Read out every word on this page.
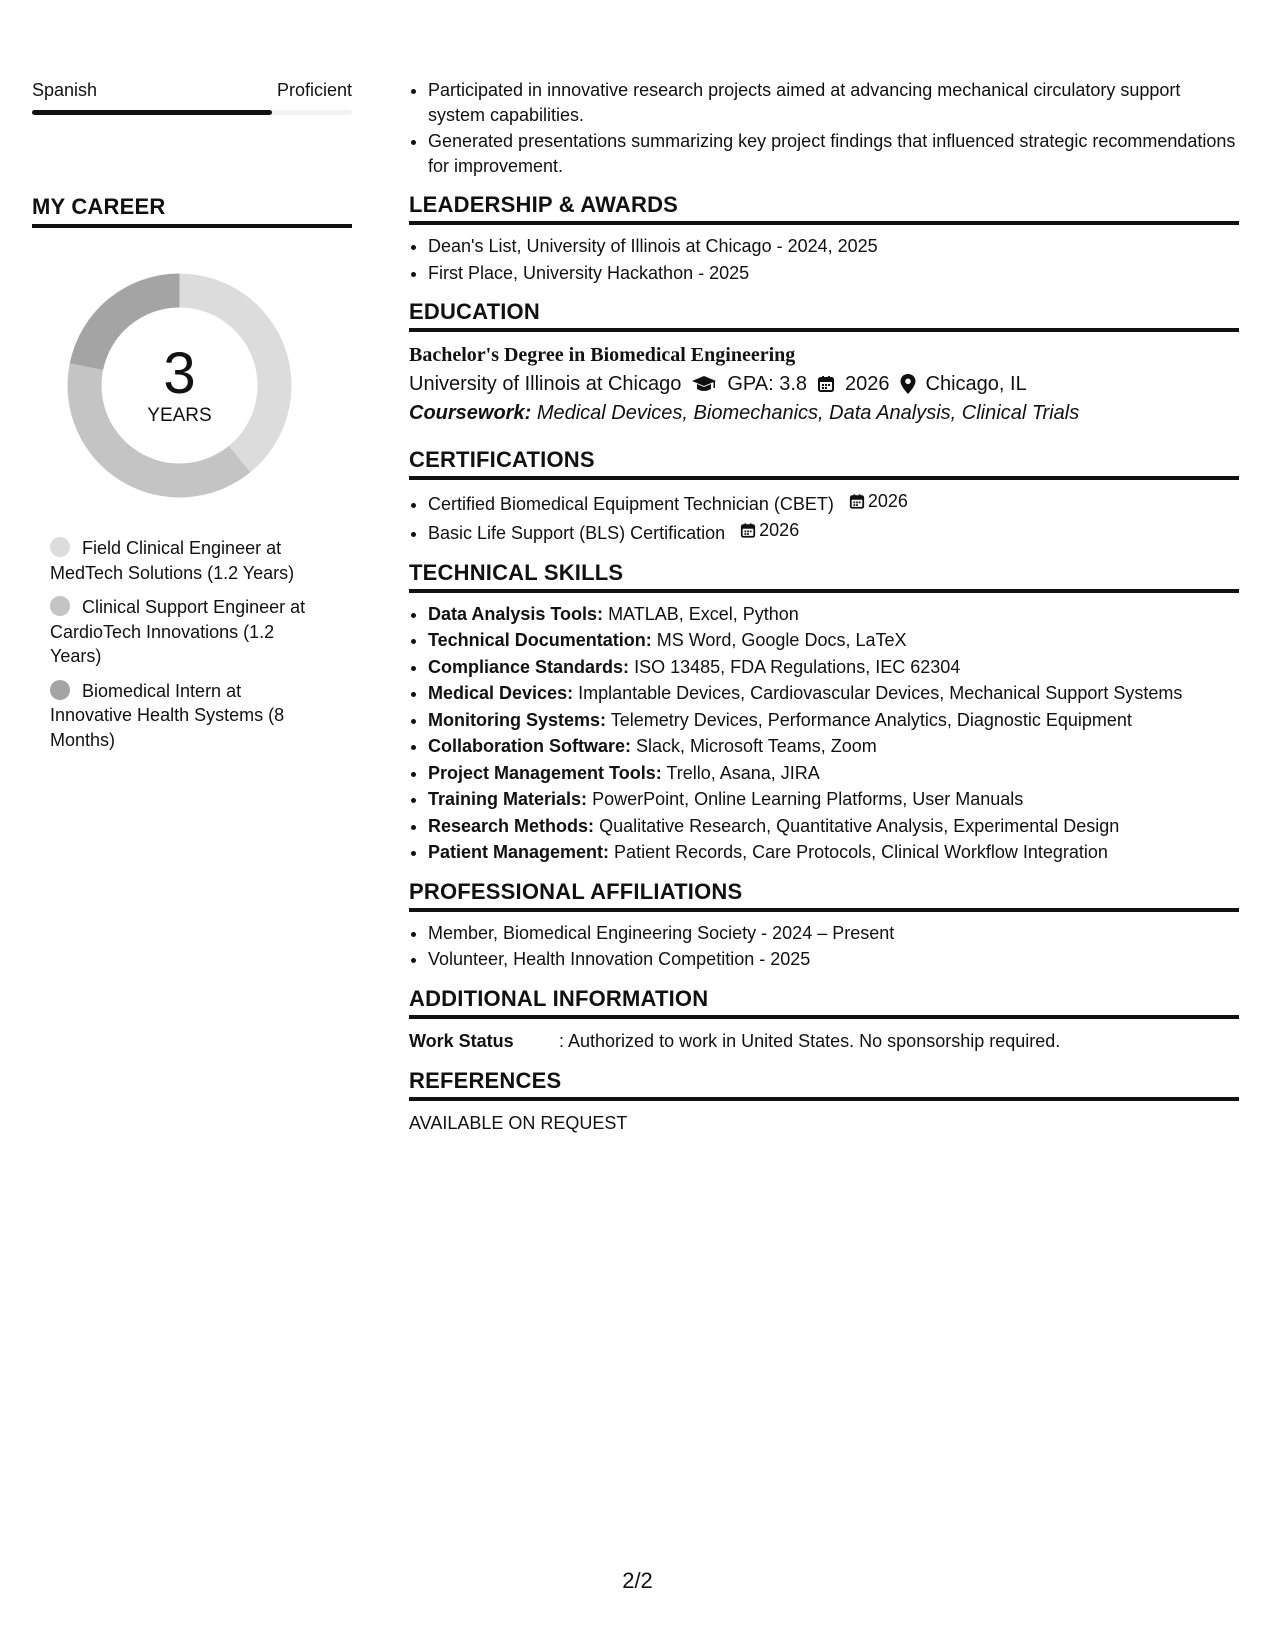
Spanish	Proficient
MY CAREER
3
YEARS
Field Clinical Engineer at MedTech Solutions (1.2 Years)
Clinical Support Engineer at CardioTech Innovations (1.2 Years)
Biomedical Intern at Innovative Health Systems (8 Months)
• Participated in innovative research projects aimed at advancing mechanical circulatory support system capabilities.
• Generated presentations summarizing key project findings that influenced strategic recommendations for improvement.
LEADERSHIP & AWARDS
• Dean's List, University of Illinois at Chicago - 2024, 2025
• First Place, University Hackathon - 2025
EDUCATION
Bachelor's Degree in Biomedical Engineering
University of Illinois at Chicago GPA: 3.8 2026 Chicago, IL
Coursework: Medical Devices, Biomechanics, Data Analysis, Clinical Trials
CERTIFICATIONS
• Certified Biomedical Equipment Technician (CBET) 2026
• Basic Life Support (BLS) Certification 2026
TECHNICAL SKILLS
• Data Analysis Tools: MATLAB, Excel, Python
• Technical Documentation: MS Word, Google Docs, LaTeX
• Compliance Standards: ISO 13485, FDA Regulations, IEC 62304
• Medical Devices: Implantable Devices, Cardiovascular Devices, Mechanical Support Systems
• Monitoring Systems: Telemetry Devices, Performance Analytics, Diagnostic Equipment
• Collaboration Software: Slack, Microsoft Teams, Zoom
• Project Management Tools: Trello, Asana, JIRA
• Training Materials: PowerPoint, Online Learning Platforms, User Manuals
• Research Methods: Qualitative Research, Quantitative Analysis, Experimental Design
• Patient Management: Patient Records, Care Protocols, Clinical Workflow Integration
PROFESSIONAL AFFILIATIONS
• Member, Biomedical Engineering Society - 2024 – Present
• Volunteer, Health Innovation Competition - 2025
ADDITIONAL INFORMATION
Work Status	: Authorized to work in United States. No sponsorship required.
REFERENCES
AVAILABLE ON REQUEST
2/2
